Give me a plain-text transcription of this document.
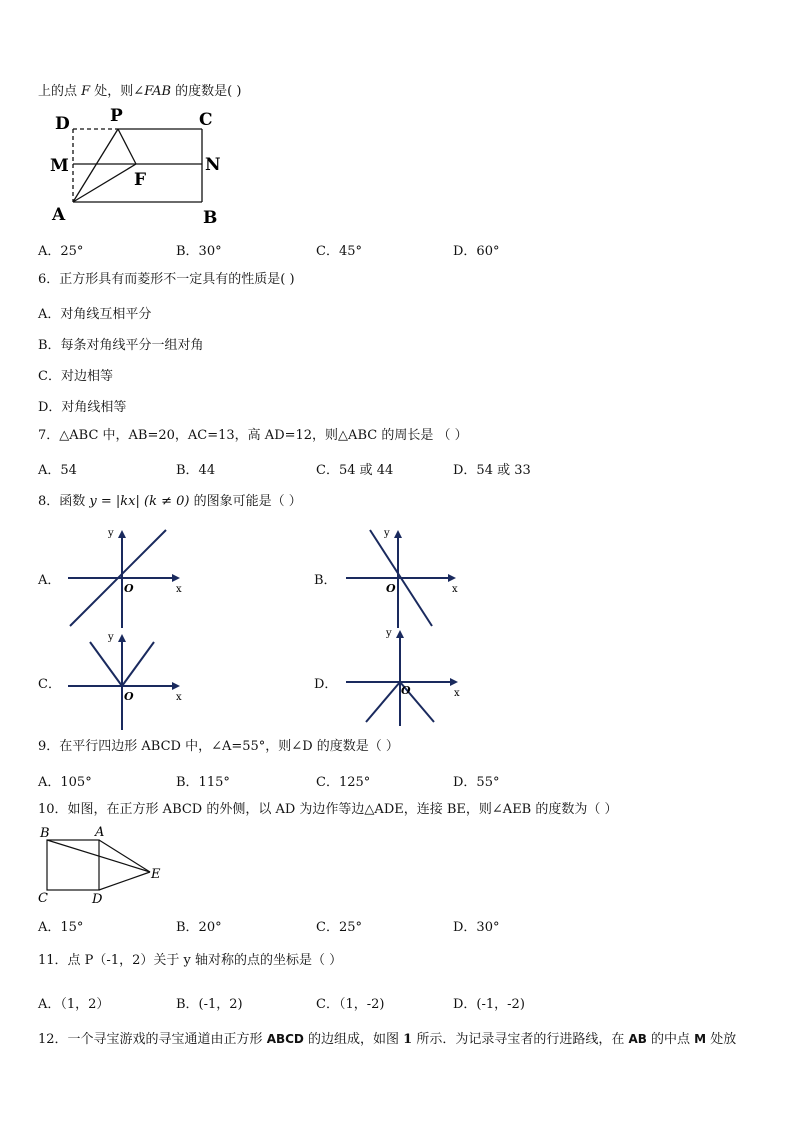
上的点 F 处，则∠FAB 的度数是( )
D P	C
M	N
F
A	B
A．25°	B．30°	C．45°	D．60°
6．正方形具有而菱形不一定具有的性质是( )
A．对角线互相平分
B．每条对角线平分一组对角
C．对边相等
D．对角线相等
7．△ABC 中，AB=20，AC=13，高 AD=12，则△ABC 的周长是 （ ）
A．54	B．44	C．54 或 44	D．54 或 33
8．函数 y = |kx| (k ≠ 0) 的图象可能是（ ）
A．
y
x
O
B．
y
x
O
C．
y
x
O
D．
y
x
O
9．在平行四边形 ABCD 中，∠A=55°，则∠D 的度数是（ ）
A．105°	B．115°	C．125°	D．55°
10．如图，在正方形 ABCD 的外侧，以 AD 为边作等边△ADE，连接 BE，则∠AEB 的度数为（ ）
B	A
C	D
E
A．15°	B．20°	C．25°	D．30°
11．点 P（-1，2）关于 y 轴对称的点的坐标是（ ）
A．（1，2）	B．(-1，2)	C．（1，-2)	D．(-1，-2)
12．一个寻宝游戏的寻宝通道由正方形 ABCD 的边组成，如图 1 所示．为记录寻宝者的行进路线，在 AB 的中点 M 处放
